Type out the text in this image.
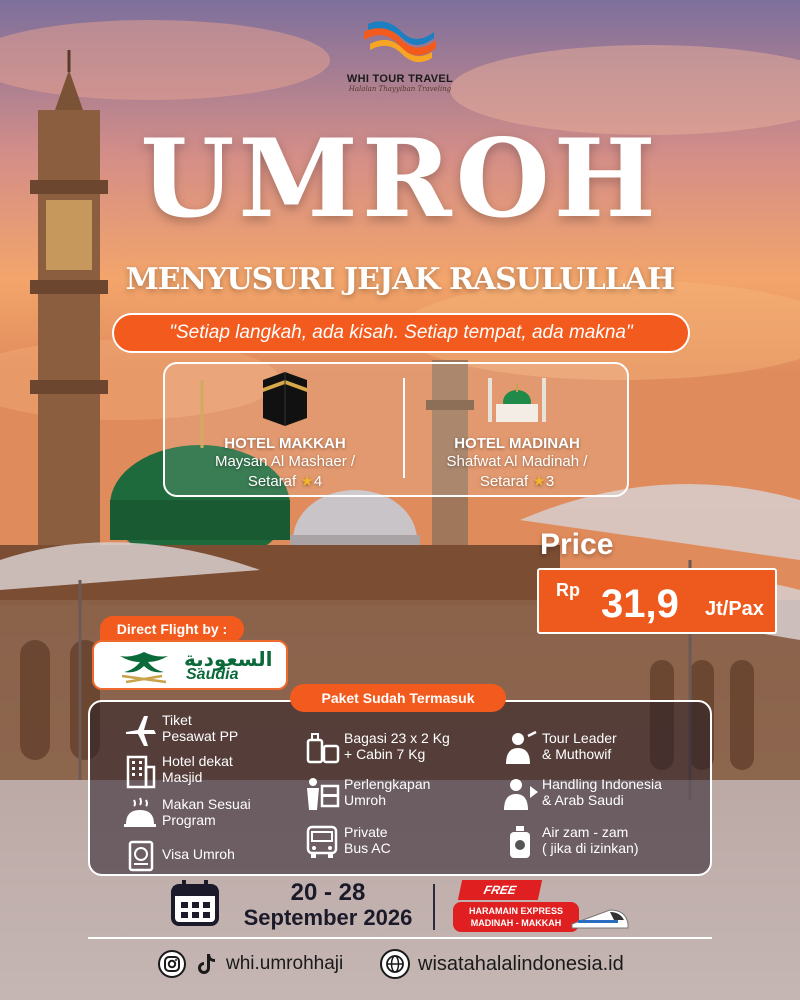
WHI TOUR TRAVEL
Halalan Thayyiban Traveling
UMROH
MENYUSURI JEJAK RASULULLAH
"Setiap langkah, ada kisah. Setiap tempat, ada makna"
HOTEL MAKKAH
Maysan Al Mashaer /
Setaraf ★4
HOTEL MADINAH
Shafwat Al Madinah /
Setaraf ★3
Price
Rp 31,9 Jt/Pax
Direct Flight by :
السعودية
Saudia
Paket Sudah Termasuk
Tiket
Pesawat PP
Hotel dekat
Masjid
Makan Sesuai
Program
Visa Umroh
Bagasi 23 x 2 Kg
+ Cabin 7 Kg
Perlengkapan
Umroh
Private
Bus AC
Tour Leader
& Muthowif
Handling Indonesia
& Arab Saudi
Air zam - zam
( jika di izinkan)
20 - 28
September 2026
FREE
HARAMAIN EXPRESS
MADINAH - MAKKAH
whi.umrohhaji	wisatahalalindonesia.id
